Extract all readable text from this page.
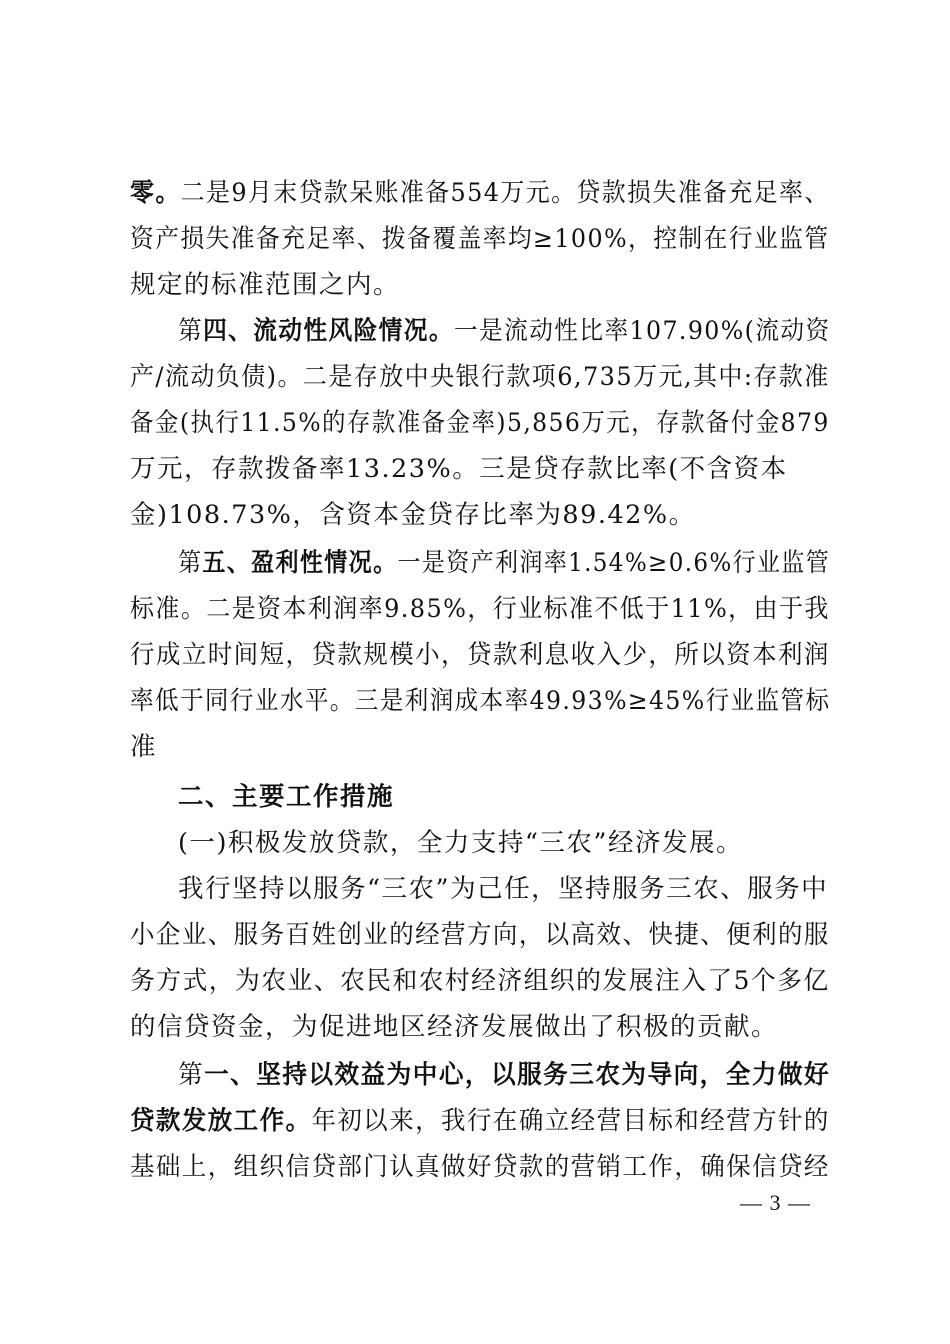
零。二是9月末贷款呆账准备554万元。贷款损失准备充足率、
资产损失准备充足率、拨备覆盖率均≥100%，控制在行业监管
规定的标准范围之内。
第四、流动性风险情况。一是流动性比率107.90%(流动资
产/流动负债)。二是存放中央银行款项6,735万元,其中:存款准
备金(执行11.5%的存款准备金率)5,856万元，存款备付金879
万元，存款拨备率13.23%。三是贷存款比率(不含资本
金)108.73%，含资本金贷存比率为89.42%。
第五、盈利性情况。一是资产利润率1.54%≥0.6%行业监管
标准。二是资本利润率9.85%，行业标准不低于11%，由于我
行成立时间短，贷款规模小，贷款利息收入少，所以资本利润
率低于同行业水平。三是利润成本率49.93%≥45%行业监管标
准
二、主要工作措施
(一)积极发放贷款，全力支持“三农”经济发展。
我行坚持以服务“三农”为己任，坚持服务三农、服务中
小企业、服务百姓创业的经营方向，以高效、快捷、便利的服
务方式，为农业、农民和农村经济组织的发展注入了5个多亿
的信贷资金，为促进地区经济发展做出了积极的贡献。
第一、坚持以效益为中心，以服务三农为导向，全力做好
贷款发放工作。年初以来，我行在确立经营目标和经营方针的
基础上，组织信贷部门认真做好贷款的营销工作，确保信贷经
— 3 —
